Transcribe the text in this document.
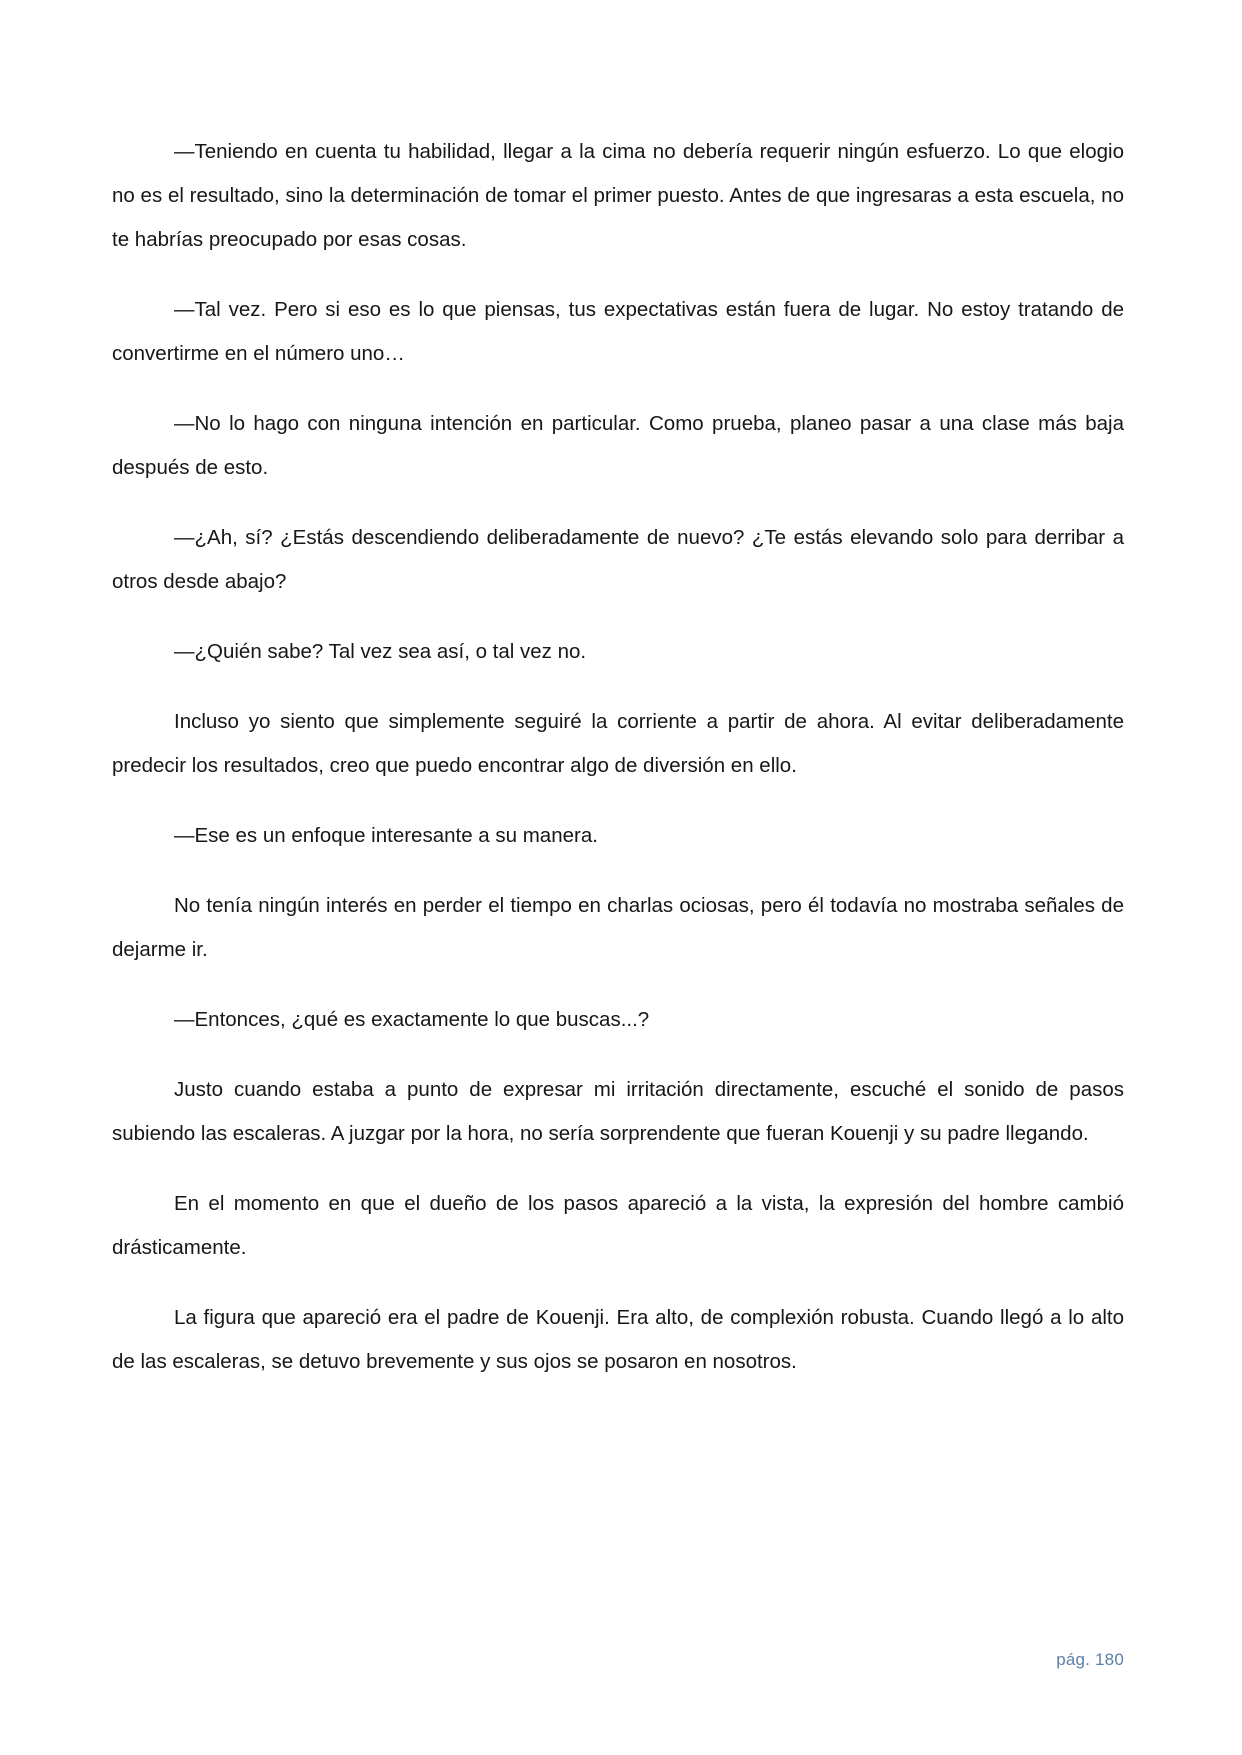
—Teniendo en cuenta tu habilidad, llegar a la cima no debería requerir ningún esfuerzo. Lo que elogio no es el resultado, sino la determinación de tomar el primer puesto. Antes de que ingresaras a esta escuela, no te habrías preocupado por esas cosas.

—Tal vez. Pero si eso es lo que piensas, tus expectativas están fuera de lugar. No estoy tratando de convertirme en el número uno…

—No lo hago con ninguna intención en particular. Como prueba, planeo pasar a una clase más baja después de esto.

—¿Ah, sí? ¿Estás descendiendo deliberadamente de nuevo? ¿Te estás elevando solo para derribar a otros desde abajo?

—¿Quién sabe? Tal vez sea así, o tal vez no.

Incluso yo siento que simplemente seguiré la corriente a partir de ahora. Al evitar deliberadamente predecir los resultados, creo que puedo encontrar algo de diversión en ello.

—Ese es un enfoque interesante a su manera.

No tenía ningún interés en perder el tiempo en charlas ociosas, pero él todavía no mostraba señales de dejarme ir.

—Entonces, ¿qué es exactamente lo que buscas...?

Justo cuando estaba a punto de expresar mi irritación directamente, escuché el sonido de pasos subiendo las escaleras. A juzgar por la hora, no sería sorprendente que fueran Kouenji y su padre llegando.

En el momento en que el dueño de los pasos apareció a la vista, la expresión del hombre cambió drásticamente.

La figura que apareció era el padre de Kouenji. Era alto, de complexión robusta. Cuando llegó a lo alto de las escaleras, se detuvo brevemente y sus ojos se posaron en nosotros.

pág. 180
